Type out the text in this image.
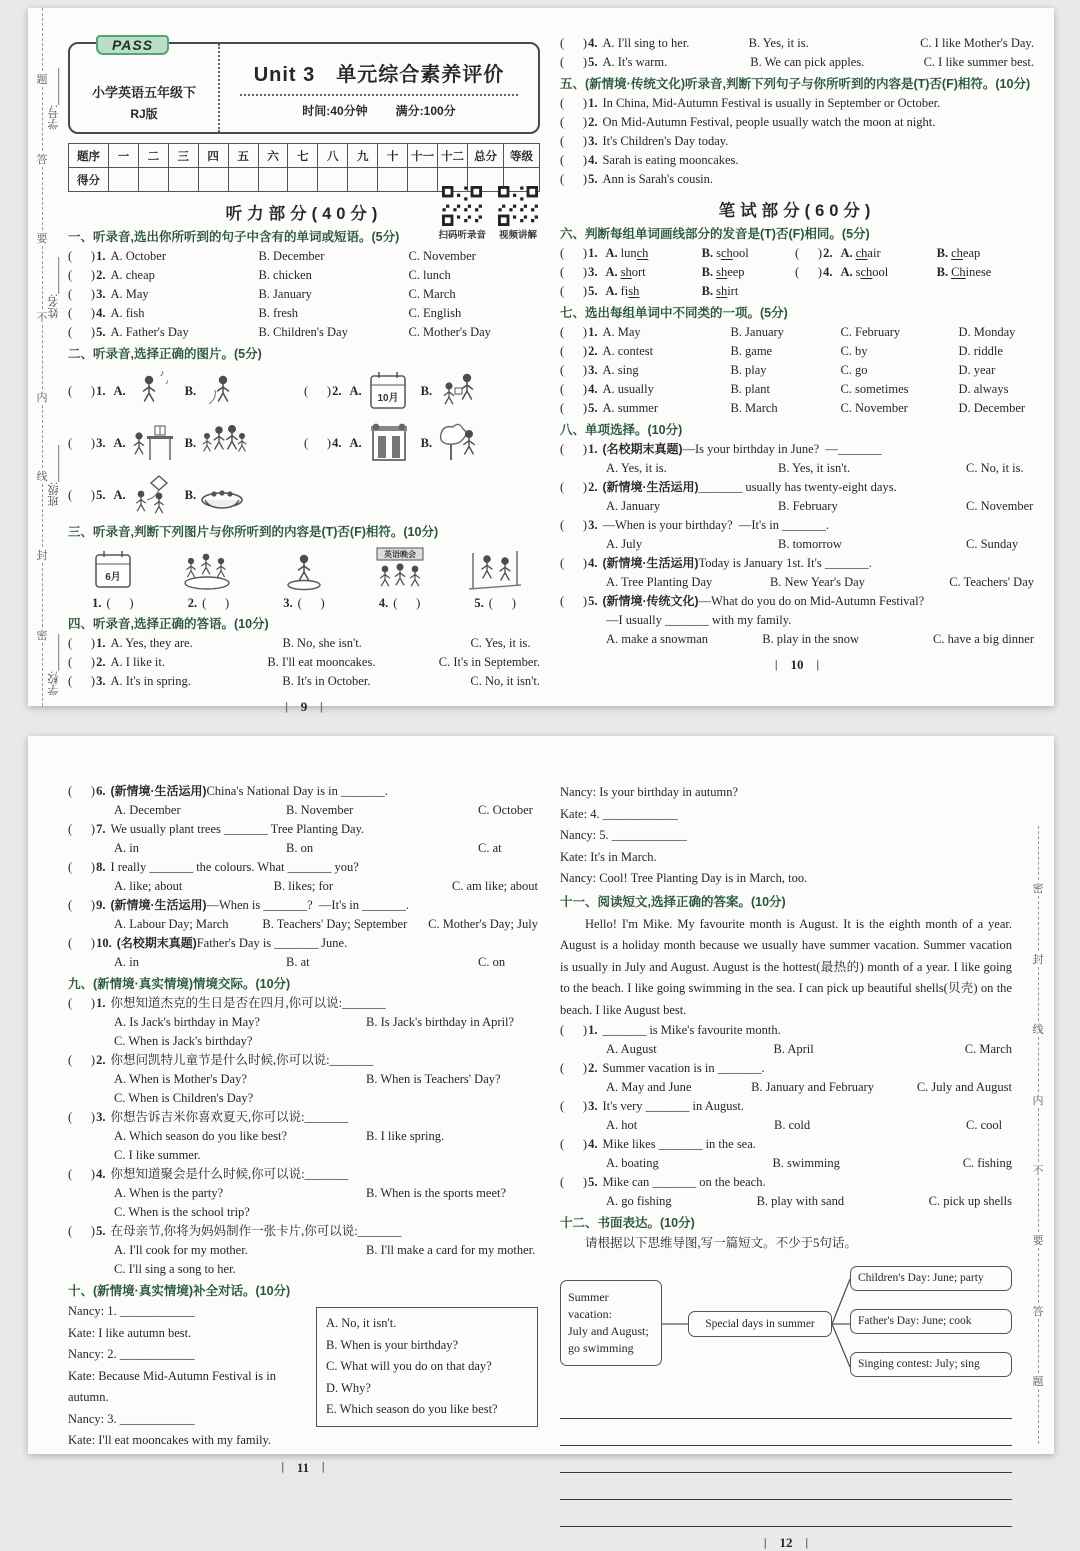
题
答
要
不
内
线
封
密
学号:______
姓名:______
班级:______
学校:______
PASS
小学英语五年级下
RJ版
Unit 3　单元综合素养评价
时间:40分钟 满分:100分
题序	一	二	三	四	五	六	七	八	九	十	十一	十二	总分	等级
得分														
听力部分(40分)
扫码听录音 视频讲解
一、听录音,选出你所听到的句子中含有的单词或短语。(5分)
(      ) 1. A. October	B. December	C. November
(      ) 2. A. cheap	B. chicken	C. lunch
(      ) 3. A. May	B. January	C. March
(      ) 4. A. fish	B. fresh	C. English
(      ) 5. A. Father's Day	B. Children's Day	C. Mother's Day
二、听录音,选择正确的图片。(5分)
(      ) 1. A.
♪
♪
B.	(      ) 2. A.
10月
B.
(      ) 3. A.	B.	(      ) 4. A.	B.
(      ) 5. A.	B.
三、听录音,判断下列图片与你所听到的内容是(T)否(F)相符。(10分)
6月
1. (      )	2. (      )	3. (      )
英语晚会
4. (      )	5. (      )
四、听录音,选择正确的答语。(10分)
(      ) 1. A. Yes, they are.	B. No, she isn't.	C. Yes, it is.
(      ) 2. A. I like it.	B. I'll eat mooncakes.	C. It's in September.
(      ) 3. A. It's in spring.	B. It's in October.	C. No, it isn't.
❘ 9 ❘
(      ) 4. A. I'll sing to her.	B. Yes, it is.	C. I like Mother's Day.
(      ) 5. A. It's warm.	B. We can pick apples.	C. I like summer best.
五、(新情境·传统文化)听录音,判断下列句子与你所听到的内容是(T)否(F)相符。(10分)
(      ) 1. In China, Mid-Autumn Festival is usually in September or October.
(      ) 2. On Mid-Autumn Festival, people usually watch the moon at night.
(      ) 3. It's Children's Day today.
(      ) 4. Sarah is eating mooncakes.
(      ) 5. Ann is Sarah's cousin.
笔试部分(60分)
六、判断每组单词画线部分的发音是(T)否(F)相同。(5分)
(      ) 1. A. lunch	B. school	(      ) 2. A. chair	B. cheap
(      ) 3. A. short	B. sheep	(      ) 4. A. school	B. Chinese
(      ) 5. A. fish	B. shirt
七、选出每组单词中不同类的一项。(5分)
(      ) 1. A. May	B. January	C. February	D. Monday
(      ) 2. A. contest	B. game	C. by	D. riddle
(      ) 3. A. sing	B. play	C. go	D. year
(      ) 4. A. usually	B. plant	C. sometimes	D. always
(      ) 5. A. summer	B. March	C. November	D. December
八、单项选择。(10分)
(      ) 1. (名校期末真题)—Is your birthday in June?  —_______
A. Yes, it is.	B. Yes, it isn't.	C. No, it is.
(      ) 2. (新情境·生活运用)_______ usually has twenty-eight days.
A. January	B. February	C. November
(      ) 3. —When is your birthday?  —It's in _______.
A. July	B. tomorrow	C. Sunday
(      ) 4. (新情境·生活运用)Today is January 1st. It's _______.
A. Tree Planting Day	B. New Year's Day	C. Teachers' Day
(      ) 5. (新情境·传统文化)—What do you do on Mid-Autumn Festival?
—I usually _______ with my family.
A. make a snowman	B. play in the snow	C. have a big dinner
❘ 10 ❘
(      ) 6. (新情境·生活运用)China's National Day is in _______.
A. December	B. November	C. October
(      ) 7. We usually plant trees _______ Tree Planting Day.
A. in	B. on	C. at
(      ) 8. I really _______ the colours. What _______ you?
A. like; about	B. likes; for	C. am like; about
(      ) 9. (新情境·生活运用)—When is _______?  —It's in _______.
A. Labour Day; March	B. Teachers' Day; September	C. Mother's Day; July
(      ) 10. (名校期末真题)Father's Day is _______ June.
A. in	B. at	C. on
九、(新情境·真实情境)情境交际。(10分)
(      ) 1. 你想知道杰克的生日是否在四月,你可以说:_______
A. Is Jack's birthday in May?	B. Is Jack's birthday in April?
C. When is Jack's birthday?
(      ) 2. 你想问凯特儿童节是什么时候,你可以说:_______
A. When is Mother's Day?	B. When is Teachers' Day?
C. When is Children's Day?
(      ) 3. 你想告诉吉米你喜欢夏天,你可以说:_______
A. Which season do you like best?	B. I like spring.
C. I like summer.
(      ) 4. 你想知道聚会是什么时候,你可以说:_______
A. When is the party?	B. When is the sports meet?
C. When is the school trip?
(      ) 5. 在母亲节,你将为妈妈制作一张卡片,你可以说:_______
A. I'll cook for my mother.	B. I'll make a card for my mother.
C. I'll sing a song to her.
十、(新情境·真实情境)补全对话。(10分)
Nancy: 1. ____________
Kate: I like autumn best.
Nancy: 2. ____________
Kate: Because Mid-Autumn Festival is in autumn.
Nancy: 3. ____________
Kate: I'll eat mooncakes with my family.
A. No, it isn't.
B. When is your birthday?
C. What will you do on that day?
D. Why?
E. Which season do you like best?
❘ 11 ❘
Nancy: Is your birthday in autumn?
Kate: 4. ____________
Nancy: 5. ____________
Kate: It's in March.
Nancy: Cool! Tree Planting Day is in March, too.
十一、阅读短文,选择正确的答案。(10分)
Hello! I'm Mike. My favourite month is August. It is the eighth month of a year. August is a holiday month because we usually have summer vacation. Summer vacation is usually in July and August. August is the hottest(最热的) month of a year. I like going to the beach. I like going swimming in the sea. I can pick up beautiful shells(贝壳) on the beach. I like August best.
(      ) 1. _______ is Mike's favourite month.
A. August	B. April	C. March
(      ) 2. Summer vacation is in _______.
A. May and June	B. January and February	C. July and August
(      ) 3. It's very _______ in August.
A. hot	B. cold	C. cool
(      ) 4. Mike likes _______ in the sea.
A. boating	B. swimming	C. fishing
(      ) 5. Mike can _______ on the beach.
A. go fishing	B. play with sand	C. pick up shells
十二、书面表达。(10分)
请根据以下思维导图,写一篇短文。不少于5句话。
Summer vacation:
July and August;
go swimming
Special days in summer
Children's Day: June; party
Father's Day: June; cook
Singing contest: July; sing
❘ 12 ❘
密
封
线
内
不
要
答
题
